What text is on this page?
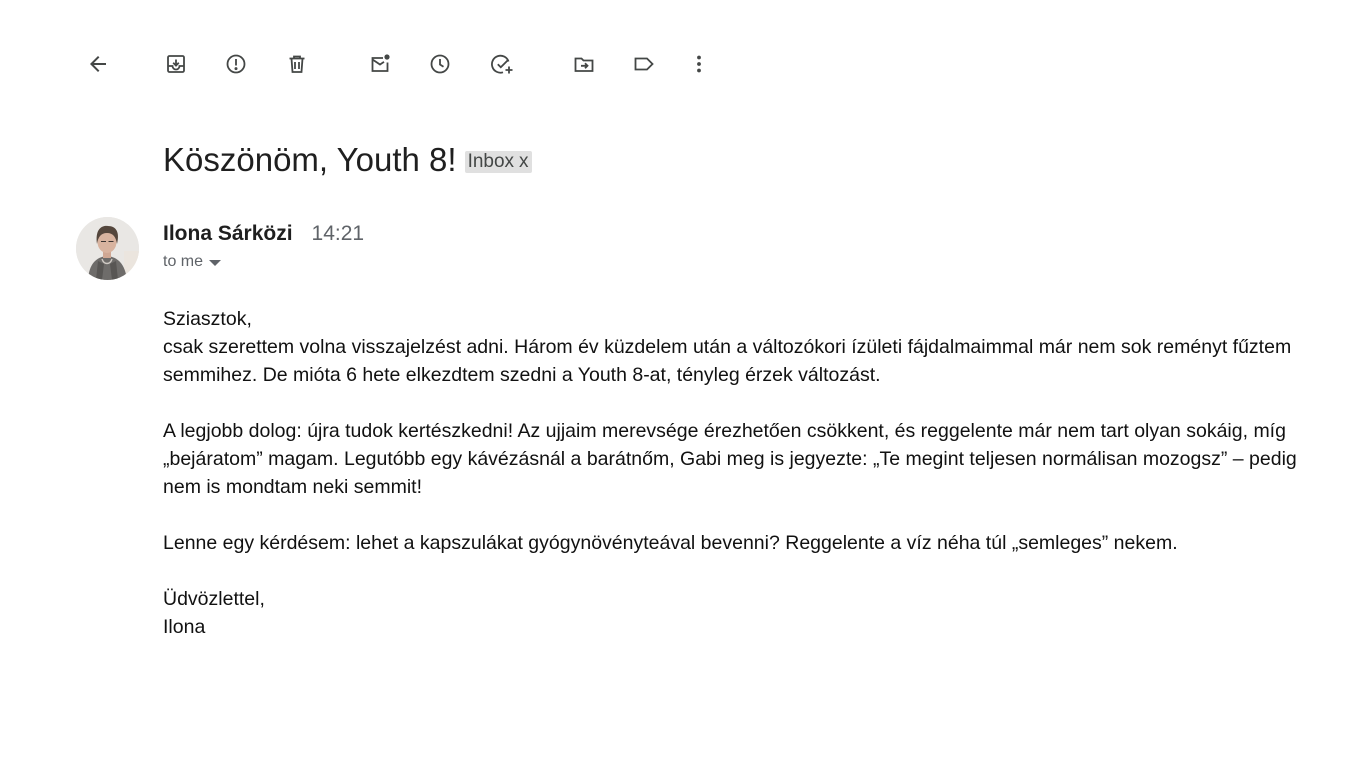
Köszönöm, Youth 8! Inbox x
Ilona Sárközi 14:21
to me

Sziasztok,
csak szerettem volna visszajelzést adni. Három év küzdelem után a változókori ízületi fájdalmaimmal már nem sok reményt fűztem semmihez. De mióta 6 hete elkezdtem szedni a Youth 8-at, tényleg érzek változást.

A legjobb dolog: újra tudok kertészkedni! Az ujjaim merevsége érezhetően csökkent, és reggelente már nem tart olyan sokáig, míg „bejáratom” magam. Legutóbb egy kávézásnál a barátnőm, Gabi meg is jegyezte: „Te megint teljesen normálisan mozogsz” – pedig nem is mondtam neki semmit!

Lenne egy kérdésem: lehet a kapszulákat gyógynövényteával bevenni? Reggelente a víz néha túl „semleges” nekem.

Üdvözlettel,
Ilona
